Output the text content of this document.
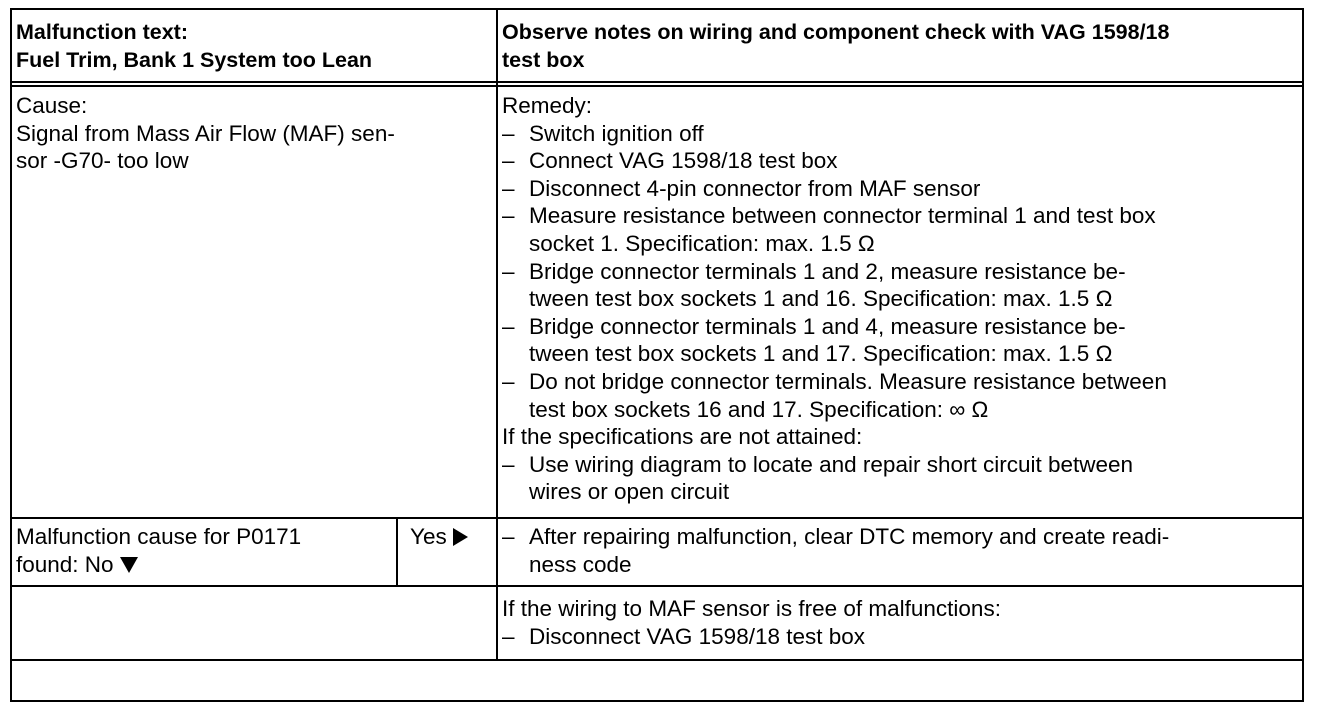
Malfunction text:
Fuel Trim, Bank 1 System too Lean
Observe notes on wiring and component check with VAG 1598/18
test box
Cause:
Signal from Mass Air Flow (MAF) sen-
sor -G70- too low
Remedy:
– Switch ignition off
– Connect VAG 1598/18 test box
– Disconnect 4-pin connector from MAF sensor
– Measure resistance between connector terminal 1 and test box
socket 1. Specification: max. 1.5 Ω
– Bridge connector terminals 1 and 2, measure resistance be-
tween test box sockets 1 and 16. Specification: max. 1.5 Ω
– Bridge connector terminals 1 and 4, measure resistance be-
tween test box sockets 1 and 17. Specification: max. 1.5 Ω
– Do not bridge connector terminals. Measure resistance between
test box sockets 16 and 17. Specification: ∞ Ω
If the specifications are not attained:
– Use wiring diagram to locate and repair short circuit between
wires or open circuit
Malfunction cause for P0171
found: No
Yes	– After repairing malfunction, clear DTC memory and create readi-
ness code
If the wiring to MAF sensor is free of malfunctions:
– Disconnect VAG 1598/18 test box
